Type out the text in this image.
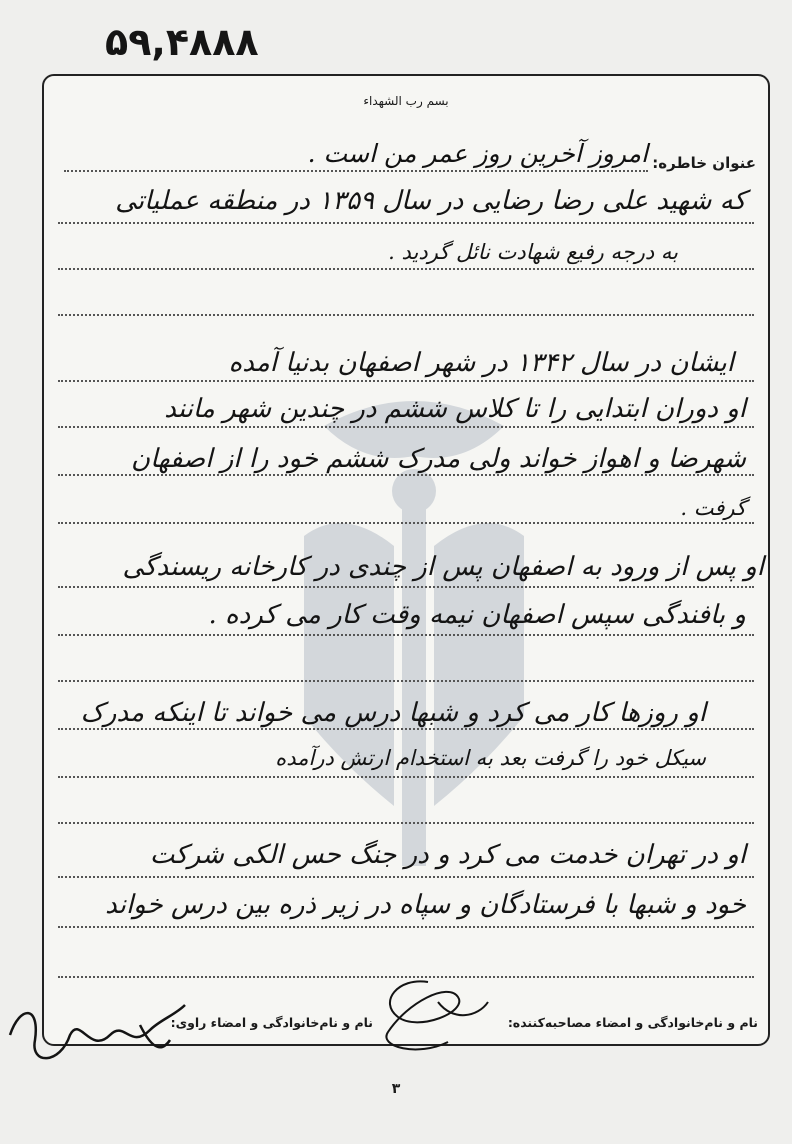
۵۹,۴۸۸۸
بسم رب الشهداء
عنوان خاطره:
امروز آخرین روز عمر من است .
که شهید علی رضا رضایی در سال ۱۳۵۹ در منطقه عملیاتی
به درجه رفیع شهادت نائل گردید .
ایشان در سال ۱۳۴۲ در شهر اصفهان بدنیا آمده
او دوران ابتدایی را تا کلاس ششم در چندین شهر مانند
شهرضا و اهواز خواند ولی مدرک ششم خود را از اصفهان
گرفت .
او پس از ورود به اصفهان پس از چندی در کارخانه ریسندگی
و بافندگی سپس اصفهان نیمه وقت کار می کرده .
او روزها کار می کرد و شبها درس می خواند تا اینکه مدرک
سیکل خود را گرفت بعد به استخدام ارتش درآمده
او در تهران خدمت می کرد و در جنگ حس الکی شرکت
خود و شبها با فرستادگان و سپاه در زیر ذره بین درس خواند
نام و نام‌خانوادگی و امضاء مصاحبه‌کننده:
نام و نام‌خانوادگی و امضاء راوی:
۳
